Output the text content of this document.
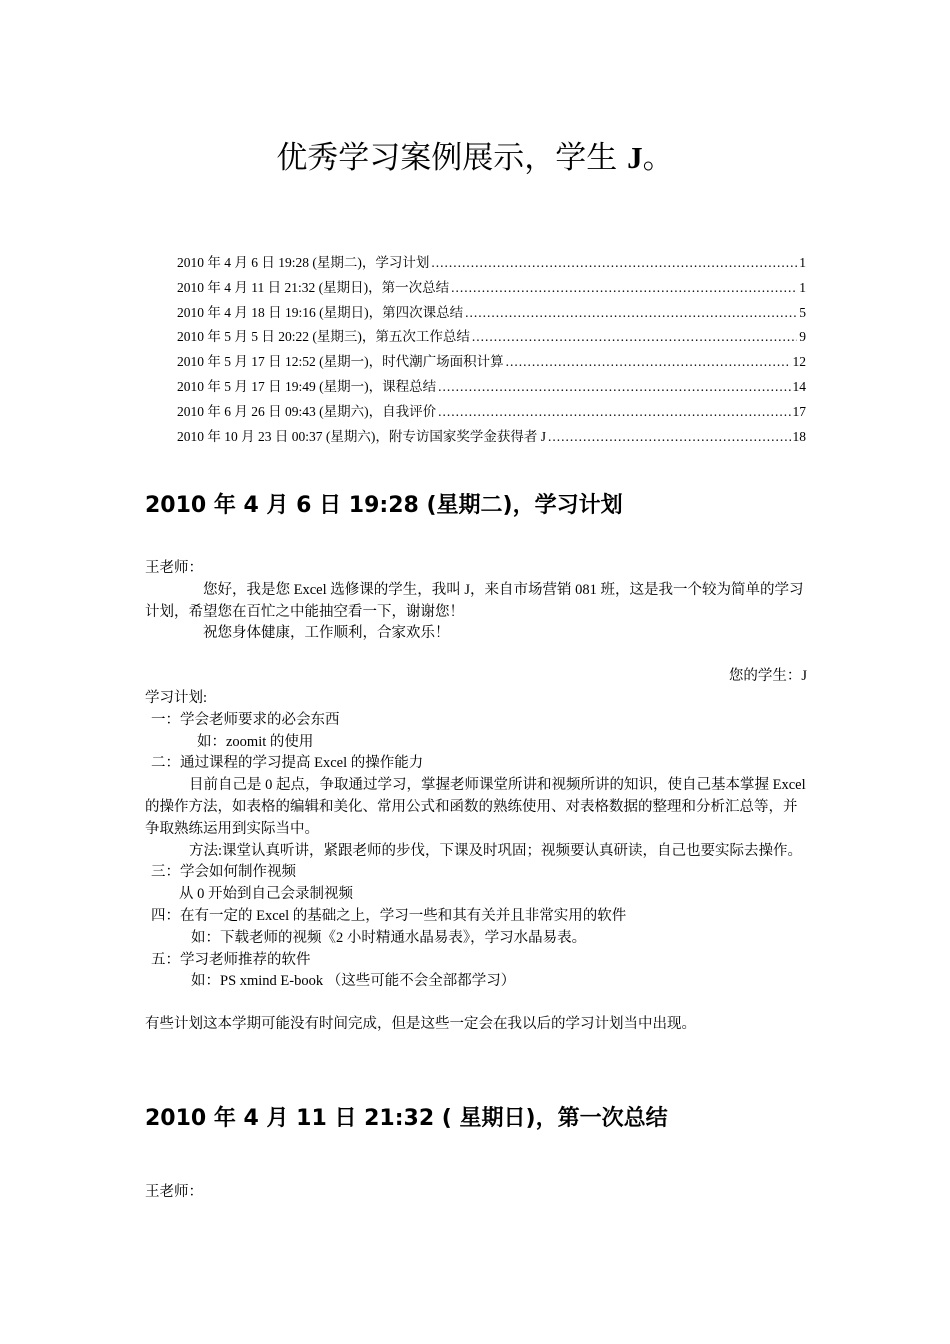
优秀学习案例展示，学生 J。
2010 年 4 月 6 日 19:28 (星期二)，学习计划 .....	1
2010 年 4 月 11 日 21:32 (星期日)，第一次总结 .....	1
2010 年 4 月 18 日 19:16 (星期日)，第四次课总结 .....	5
2010 年 5 月 5 日 20:22 (星期三)，第五次工作总结 .....	9
2010 年 5 月 17 日 12:52 (星期一)，时代潮广场面积计算 .....	12
2010 年 5 月 17 日 19:49 (星期一)，课程总结 .....	14
2010 年 6 月 26 日 09:43 (星期六)，自我评价 .....	17
2010 年 10 月 23 日 00:37 (星期六)，附专访国家奖学金获得者 J .....	18
2010 年 4 月 6 日 19:28 (星期二)，学习计划

王老师：

您好，我是您 Excel 选修课的学生，我叫 J，来自市场营销 081 班，这是我一个较为简单的学习计划，希望您在百忙之中能抽空看一下，谢谢您！

祝您身体健康，工作顺利，合家欢乐！

您的学生：J

学习计划:

一：学会老师要求的必会东西

如：zoomit 的使用

二：通过课程的学习提高 Excel 的操作能力

目前自己是 0 起点，争取通过学习，掌握老师课堂所讲和视频所讲的知识，使自己基本掌握 Excel 的操作方法，如表格的编辑和美化、常用公式和函数的熟练使用、对表格数据的整理和分析汇总等，并争取熟练运用到实际当中。

方法:课堂认真听讲，紧跟老师的步伐，下课及时巩固；视频要认真研读，自己也要实际去操作。

三：学会如何制作视频

从 0 开始到自己会录制视频

四：在有一定的 Excel 的基础之上，学习一些和其有关并且非常实用的软件

如：下载老师的视频《2 小时精通水晶易表》，学习水晶易表。

五：学习老师推荐的软件

如：PS xmind E-book （这些可能不会全部都学习）

有些计划这本学期可能没有时间完成，但是这些一定会在我以后的学习计划当中出现。

2010 年 4 月 11 日 21:32 ( 星期日)，第一次总结

王老师：
